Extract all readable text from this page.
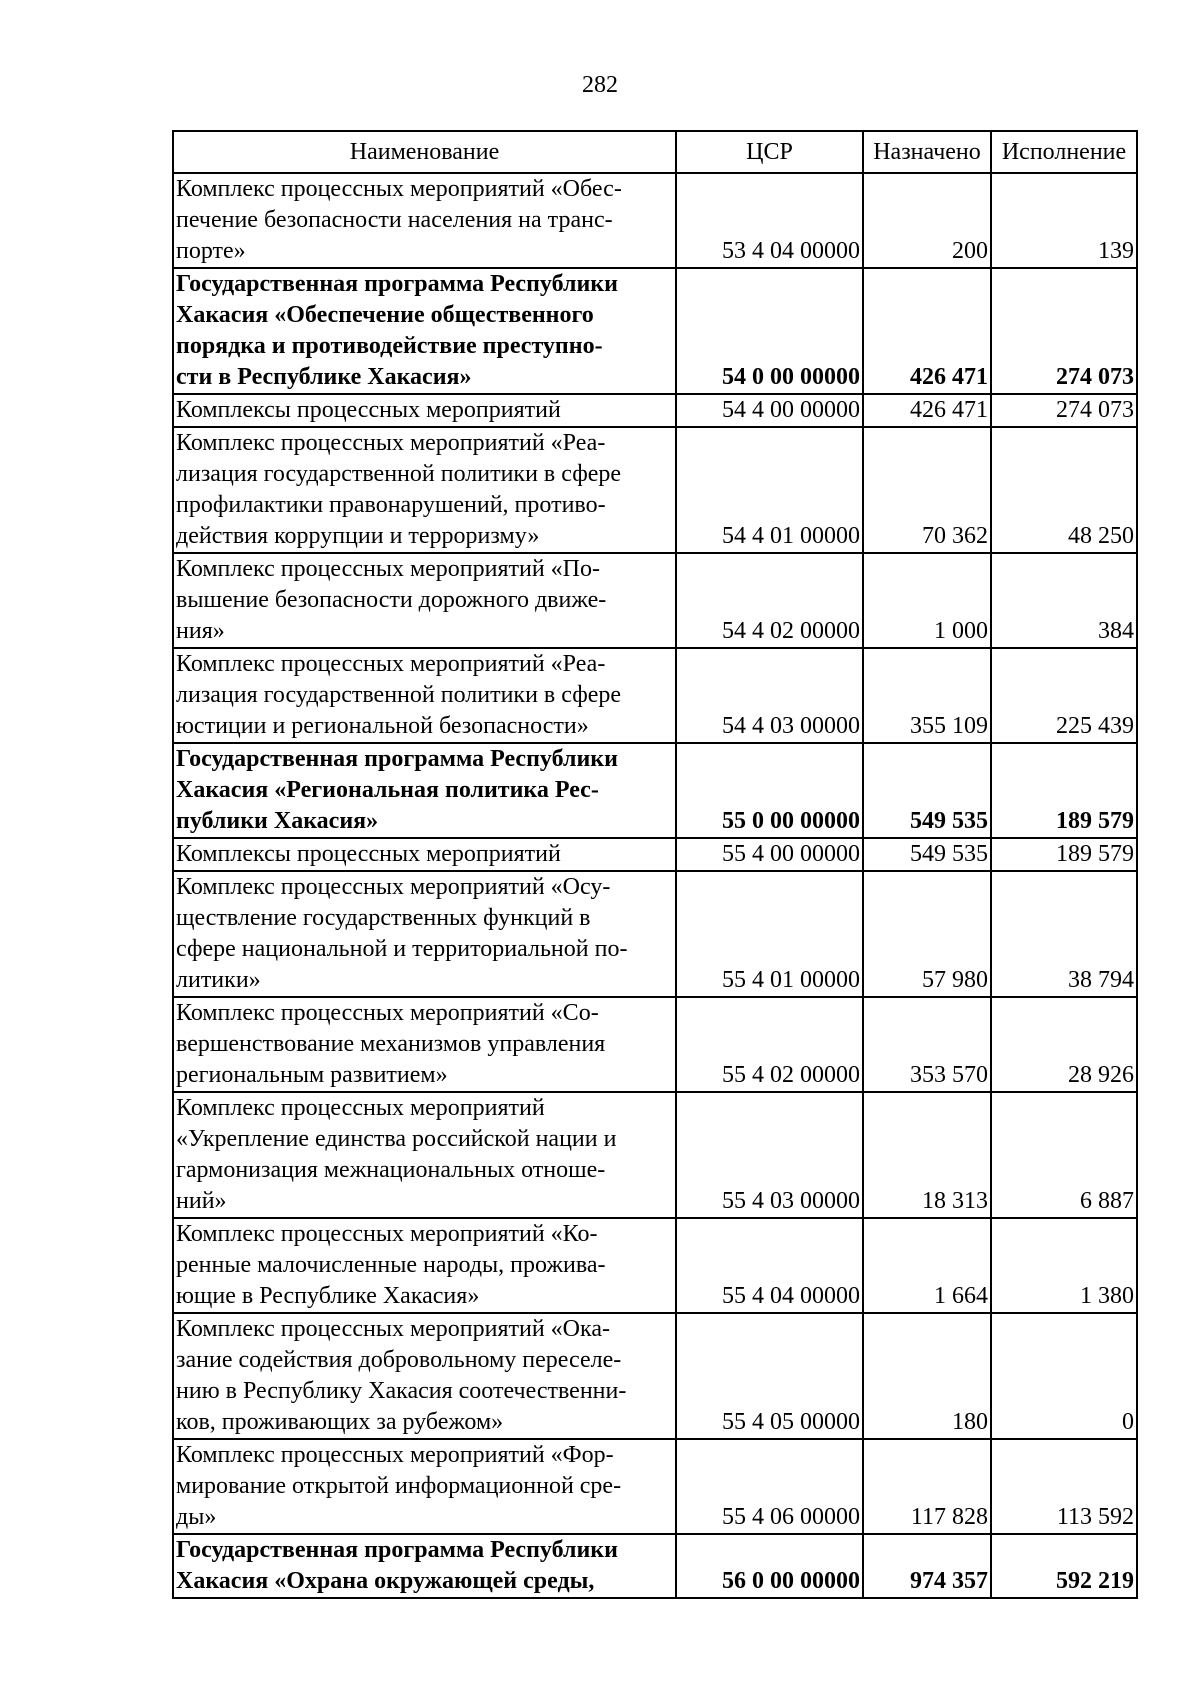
282
Наименование	ЦСР	Назначено	Исполнение
Комплекс процессных мероприятий «Обес-
печение безопасности населения на транс-
порте»	53 4 04 00000	200	139
Государственная программа Республики
Хакасия «Обеспечение общественного
порядка и противодействие преступно-
сти в Республике Хакасия»	54 0 00 00000	426 471	274 073
Комплексы процессных мероприятий	54 4 00 00000	426 471	274 073
Комплекс процессных мероприятий «Реа-
лизация государственной политики в сфере
профилактики правонарушений, противо-
действия коррупции и терроризму»	54 4 01 00000	70 362	48 250
Комплекс процессных мероприятий «По-
вышение безопасности дорожного движе-
ния»	54 4 02 00000	1 000	384
Комплекс процессных мероприятий «Реа-
лизация государственной политики в сфере
юстиции и региональной безопасности»	54 4 03 00000	355 109	225 439
Государственная программа Республики
Хакасия «Региональная политика Рес-
публики Хакасия»	55 0 00 00000	549 535	189 579
Комплексы процессных мероприятий	55 4 00 00000	549 535	189 579
Комплекс процессных мероприятий «Осу-
ществление государственных функций в
сфере национальной и территориальной по-
литики»	55 4 01 00000	57 980	38 794
Комплекс процессных мероприятий «Со-
вершенствование механизмов управления
региональным развитием»	55 4 02 00000	353 570	28 926
Комплекс процессных мероприятий
«Укрепление единства российской нации и
гармонизация межнациональных отноше-
ний»	55 4 03 00000	18 313	6 887
Комплекс процессных мероприятий «Ко-
ренные малочисленные народы, прожива-
ющие в Республике Хакасия»	55 4 04 00000	1 664	1 380
Комплекс процессных мероприятий «Ока-
зание содействия добровольному переселе-
нию в Республику Хакасия соотечественни-
ков, проживающих за рубежом»	55 4 05 00000	180	0
Комплекс процессных мероприятий «Фор-
мирование открытой информационной сре-
ды»	55 4 06 00000	117 828	113 592
Государственная программа Республики
Хакасия «Охрана окружающей среды,	56 0 00 00000	974 357	592 219
